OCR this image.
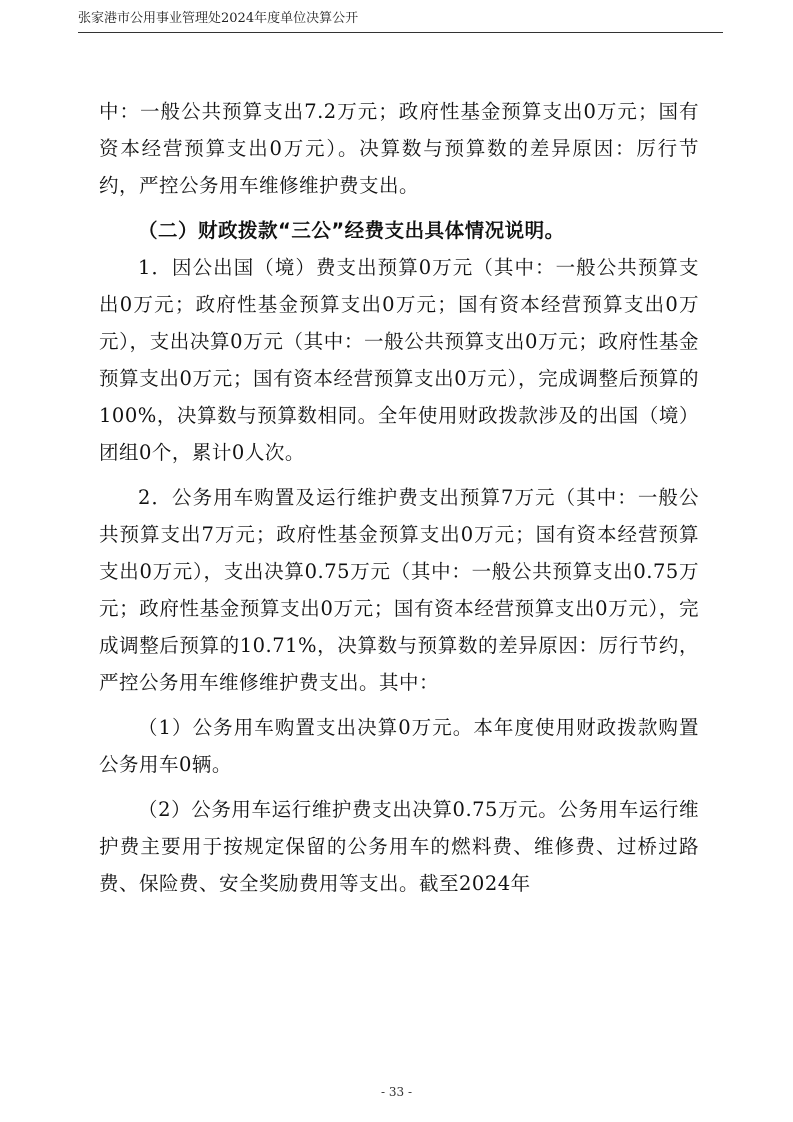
张家港市公用事业管理处2024年度单位决算公开

中：一般公共预算支出7.2万元；政府性基金预算支出0万元；国有资本经营预算支出0万元）。决算数与预算数的差异原因：厉行节约，严控公务用车维修维护费支出。

（二）财政拨款“三公”经费支出具体情况说明。

1．因公出国（境）费支出预算0万元（其中：一般公共预算支出0万元；政府性基金预算支出0万元；国有资本经营预算支出0万元），支出决算0万元（其中：一般公共预算支出0万元；政府性基金预算支出0万元；国有资本经营预算支出0万元），完成调整后预算的100%，决算数与预算数相同。全年使用财政拨款涉及的出国（境）团组0个，累计0人次。

2．公务用车购置及运行维护费支出预算7万元（其中：一般公共预算支出7万元；政府性基金预算支出0万元；国有资本经营预算支出0万元），支出决算0.75万元（其中：一般公共预算支出0.75万元；政府性基金预算支出0万元；国有资本经营预算支出0万元），完成调整后预算的10.71%，决算数与预算数的差异原因：厉行节约，严控公务用车维修维护费支出。其中：

（1）公务用车购置支出决算0万元。本年度使用财政拨款购置公务用车0辆。

（2）公务用车运行维护费支出决算0.75万元。公务用车运行维护费主要用于按规定保留的公务用车的燃料费、维修费、过桥过路费、保险费、安全奖励费用等支出。截至2024年

- 33 -
